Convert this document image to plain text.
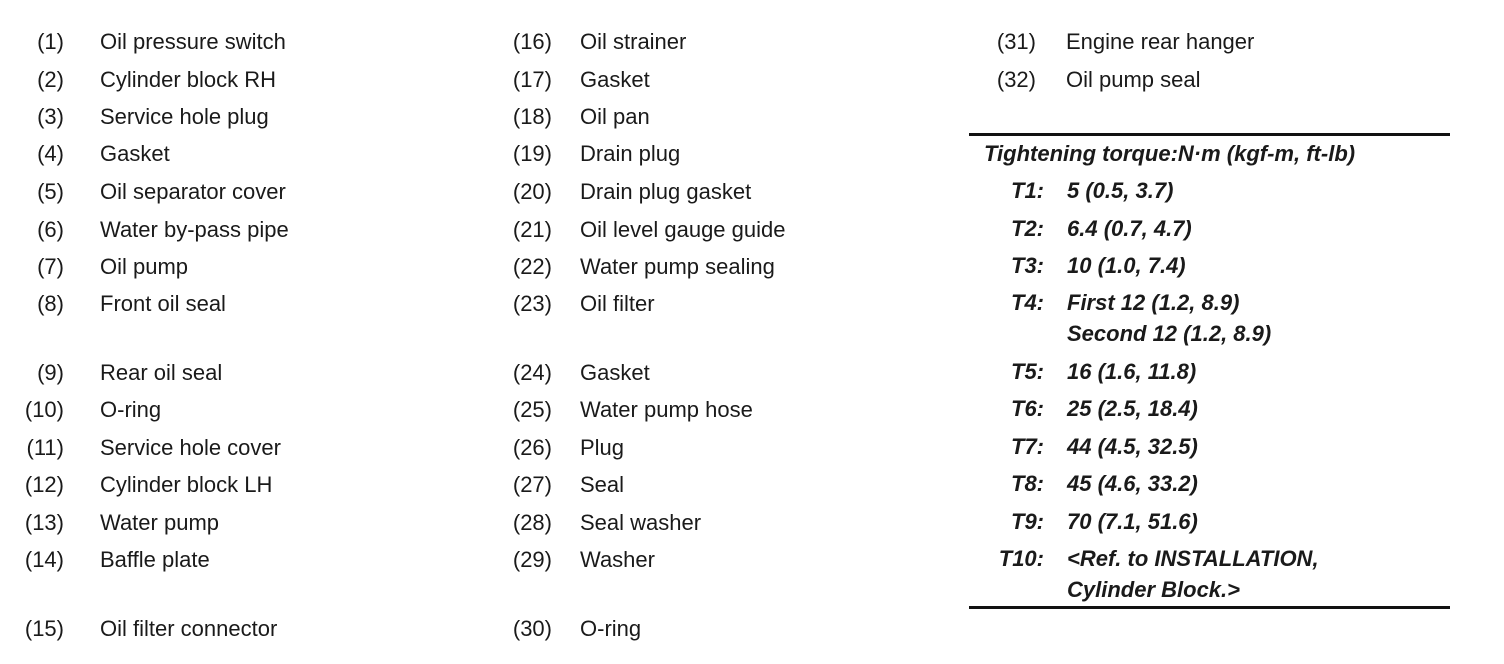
(1) Oil pressure switch
(2) Cylinder block RH
(3) Service hole plug
(4) Gasket
(5) Oil separator cover
(6) Water by-pass pipe
(7) Oil pump
(8) Front oil seal
(9) Rear oil seal
(10) O-ring
(11) Service hole cover
(12) Cylinder block LH
(13) Water pump
(14) Baffle plate
(15) Oil filter connector
(16) Oil strainer
(17) Gasket
(18) Oil pan
(19) Drain plug
(20) Drain plug gasket
(21) Oil level gauge guide
(22) Water pump sealing
(23) Oil filter
(24) Gasket
(25) Water pump hose
(26) Plug
(27) Seal
(28) Seal washer
(29) Washer
(30) O-ring
(31) Engine rear hanger
(32) Oil pump seal
Tightening torque:N·m (kgf-m, ft-lb)
T1: 5 (0.5, 3.7)
T2: 6.4 (0.7, 4.7)
T3: 10 (1.0, 7.4)
T4: First 12 (1.2, 8.9)
Second 12 (1.2, 8.9)
T5: 16 (1.6, 11.8)
T6: 25 (2.5, 18.4)
T7: 44 (4.5, 32.5)
T8: 45 (4.6, 33.2)
T9: 70 (7.1, 51.6)
T10: <Ref. to INSTALLATION,
Cylinder Block.>
